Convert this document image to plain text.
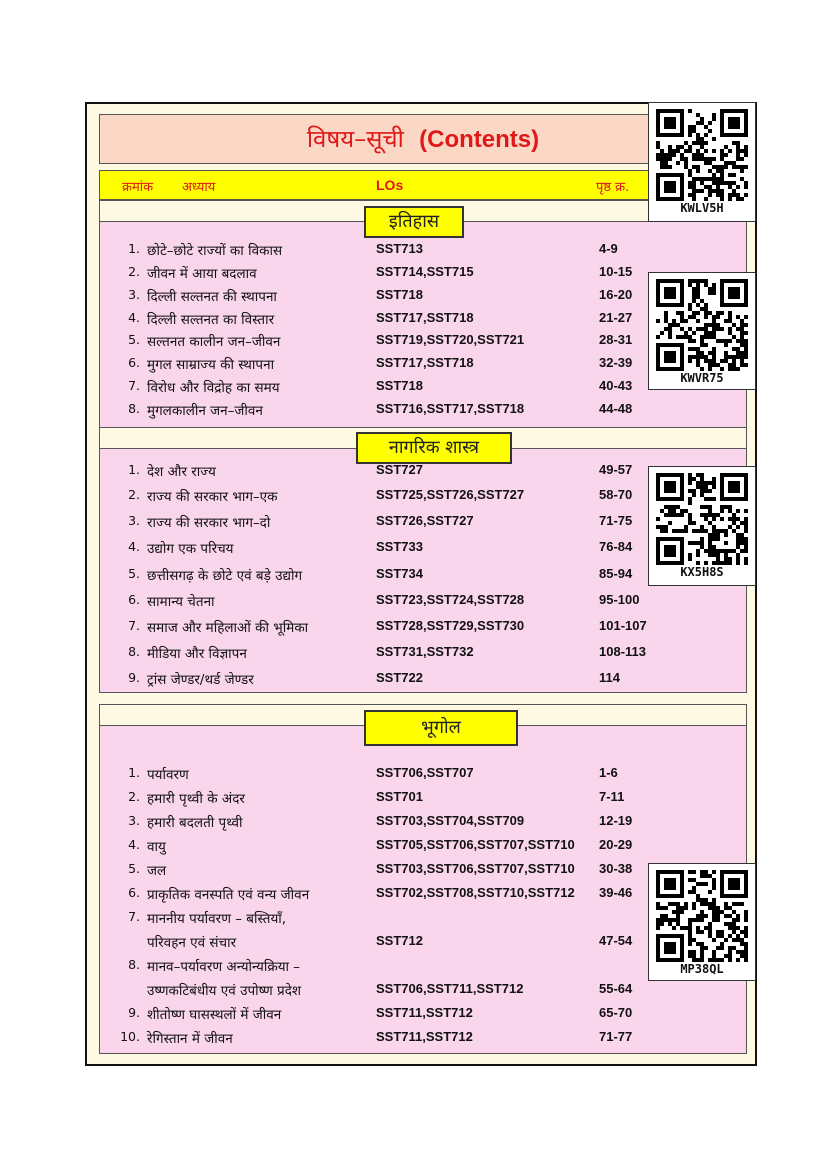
विषय–सूची (Contents)
क्रमांक अध्याय	LOs	पृष्ठ क्र.
इतिहास
1. छोटे–छोटे राज्यों का विकास	SST713	4-9
2. जीवन में आया बदलाव	SST714,SST715	10-15
3. दिल्ली सल्तनत की स्थापना	SST718	16-20
4. दिल्ली सल्तनत का विस्तार	SST717,SST718	21-27
5. सल्तनत कालीन जन–जीवन	SST719,SST720,SST721	28-31
6. मुगल साम्राज्य की स्थापना	SST717,SST718	32-39
7. विरोध और विद्रोह का समय	SST718	40-43
8. मुगलकालीन जन–जीवन	SST716,SST717,SST718	44-48
नागरिक शास्त्र
1. देश और राज्य	SST727	49-57
2. राज्य की सरकार भाग–एक	SST725,SST726,SST727	58-70
3. राज्य की सरकार भाग–दो	SST726,SST727	71-75
4. उद्योग एक परिचय	SST733	76-84
5. छत्तीसगढ़ के छोटे एवं बड़े उद्योग	SST734	85-94
6. सामान्य चेतना	SST723,SST724,SST728	95-100
7. समाज और महिलाओं की भूमिका	SST728,SST729,SST730	101-107
8. मीडिया और विज्ञापन	SST731,SST732	108-113
9. ट्रांस जेण्डर/थर्ड जेण्डर	SST722	114
भूगोल
1. पर्यावरण	SST706,SST707	1-6
2. हमारी पृथ्वी के अंदर	SST701	7-11
3. हमारी बदलती पृथ्वी	SST703,SST704,SST709	12-19
4. वायु	SST705,SST706,SST707,SST710 20-29
5. जल	SST703,SST706,SST707,SST710 30-38
6. प्राकृतिक वनस्पति एवं वन्य जीवन	SST702,SST708,SST710,SST712 39-46
7. माननीय पर्यावरण – बस्तियाँ,
परिवहन एवं संचार	SST712	47-54
8. मानव–पर्यावरण अन्योन्यक्रिया –
उष्णकटिबंधीय एवं उपोष्ण प्रदेश	SST706,SST711,SST712	55-64
9. शीतोष्ण घासस्थलों में जीवन	SST711,SST712	65-70
10. रेगिस्तान में जीवन	SST711,SST712	71-77
KWLV5H
KWVR75
KX5H8S
MP38QL
